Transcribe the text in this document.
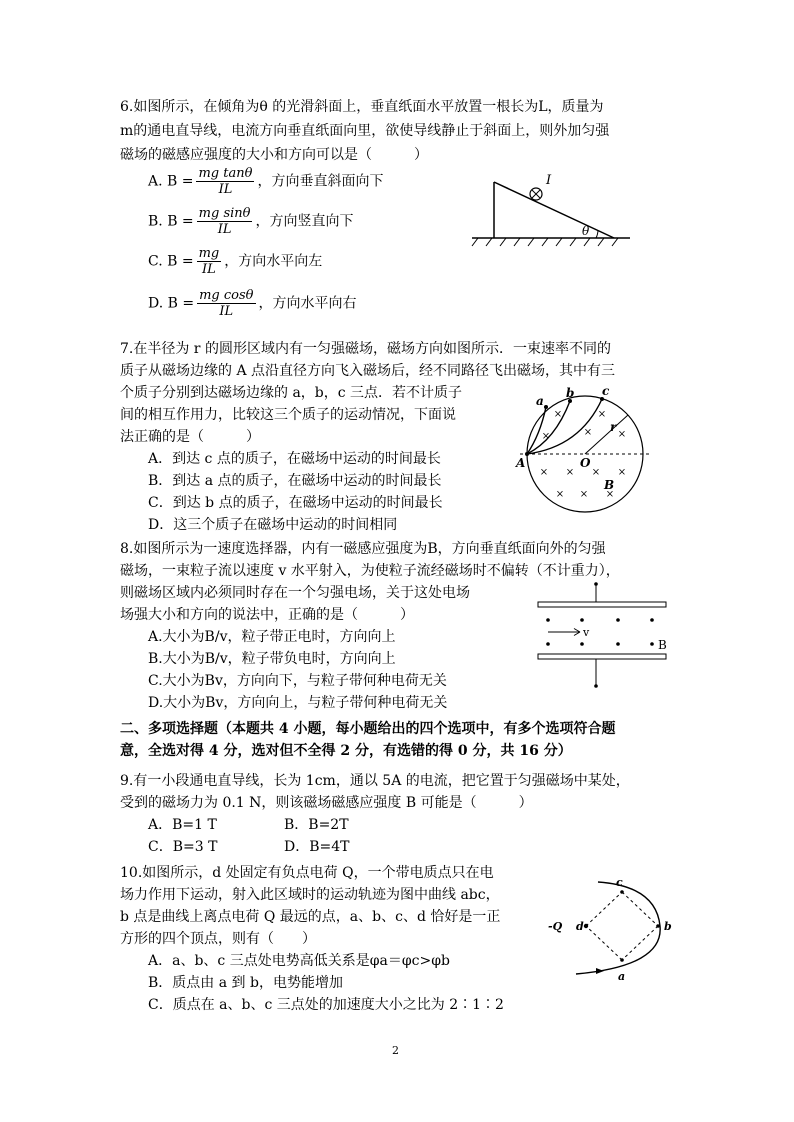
6.如图所示，在倾角为θ 的光滑斜面上，垂直纸面水平放置一根长为L，质量为
m的通电直导线，电流方向垂直纸面向里，欲使导线静止于斜面上，则外加匀强
磁场的磁感应强度的大小和方向可以是（　　　）
A. $B = \frac{\text{mg tanθ}}{IL}$ ，方向垂直斜面向下
B. $B = \frac{\text{mg sinθ}}{IL}$ ，方向竖直向下
C. $B = \frac{mg}{IL}$ ，方向水平向左
D. $B = \frac{\text{mg cosθ}}{IL}$ ，方向水平向右
I
θ
7.在半径为 r 的圆形区域内有一匀强磁场，磁场方向如图所示．一束速率不同的
质子从磁场边缘的 A 点沿直径方向飞入磁场后，经不同路径飞出磁场，其中有三
个质子分别到达磁场边缘的 a，b，c 三点．若不计质子
间的相互作用力，比较这三个质子的运动情况，下面说
法正确的是（　　　）
A．到达 c 点的质子，在磁场中运动的时间最长
B．到达 a 点的质子，在磁场中运动的时间最长
C．到达 b 点的质子，在磁场中运动的时间最长
D．这三个质子在磁场中运动的时间相同
×	×
×	×	×
× × × ×
× × ×
a
b c
r
A	O
B
8.如图所示为一速度选择器，内有一磁感应强度为B，方向垂直纸面向外的匀强
磁场，一束粒子流以速度 v 水平射入，为使粒子流经磁场时不偏转（不计重力），
则磁场区域内必须同时存在一个匀强电场，关于这处电场
场强大小和方向的说法中，正确的是（　　　）
A.大小为B/v，粒子带正电时，方向向上
B.大小为B/v，粒子带负电时，方向向上
C.大小为Bv，方向向下，与粒子带何种电荷无关
D.大小为Bv，方向向上，与粒子带何种电荷无关
v
B
二、多项选择题（本题共 4 小题，每小题给出的四个选项中，有多个选项符合题
意，全选对得 4 分，选对但不全得 2 分，有选错的得 0 分，共 16 分）
9.有一小段通电直导线，长为 1cm，通以 5A 的电流，把它置于匀强磁场中某处，
受到的磁场力为 0.1 N，则该磁场磁感应强度 B 可能是（　　　）
A．B=1 T	B．B=2T
C．B=3 T	D．B=4T
10.如图所示，d 处固定有负点电荷 Q，一个带电质点只在电
场力作用下运动，射入此区域时的运动轨迹为图中曲线 abc，
b 点是曲线上离点电荷 Q 最远的点，a、b、c、d 恰好是一正
方形的四个顶点，则有（　　）
A．a、b、c 三点处电势高低关系是φa＝φc>φb
B．质点由 a 到 b，电势能增加
C．质点在 a、b、c 三点处的加速度大小之比为 2∶1∶2
-Q d
c
b
a
2
